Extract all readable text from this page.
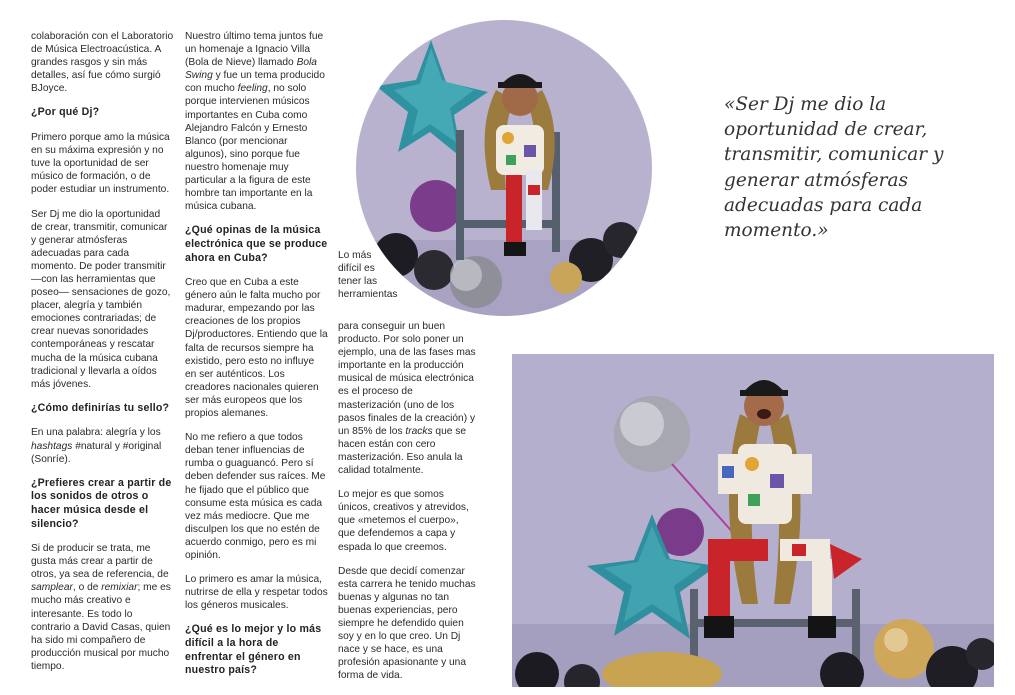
colaboración con el Laboratorio de Música Electroacústica. A grandes rasgos y sin más detalles, así fue cómo surgió BJoyce.

¿Por qué Dj?

Primero porque amo la música en su máxima expresión y no tuve la oportunidad de ser músico de formación, o de poder estudiar un instrumento.

Ser Dj me dio la oportunidad de crear, transmitir, comunicar y generar atmósferas adecuadas para cada momento. De poder transmitir —con las herramientas que poseo— sensaciones de gozo, placer, alegría y también emociones contrariadas; de crear nuevas sonoridades contemporáneas y rescatar mucha de la música cubana tradicional y llevarla a oídos más jóvenes.

¿Cómo definirías tu sello?

En una palabra: alegría y los hashtags #natural y #original (Sonríe).

¿Prefieres crear a partir de los sonidos de otros o hacer música desde el silencio?

Si de producir se trata, me gusta más crear a partir de otros, ya sea de referencia, de samplear, o de remixiar; me es mucho más creativo e interesante. Es todo lo contrario a David Casas, quien ha sido mi compañero de producción musical por mucho tiempo.

Nuestro último tema juntos fue un homenaje a Ignacio Villa (Bola de Nieve) llamado Bola Swing y fue un tema producido con mucho feeling, no solo porque intervienen músicos importantes en Cuba como Alejandro Falcón y Ernesto Blanco (por mencionar algunos), sino porque fue nuestro homenaje muy particular a la figura de este hombre tan importante en la música cubana.

¿Qué opinas de la música electrónica que se produce ahora en Cuba?

Creo que en Cuba a este género aún le falta mucho por madurar, empezando por las creaciones de los propios Dj/productores. Entiendo que la falta de recursos siempre ha existido, pero esto no influye en ser auténticos. Los creadores nacionales quieren ser más europeos que los propios alemanes.

No me refiero a que todos deban tener influencias de rumba o guaguancó. Pero sí deben defender sus raíces. Me he fijado que el público que consume esta música es cada vez más mediocre. Que me disculpen los que no estén de acuerdo conmigo, pero es mi opinión.

Lo primero es amar la música, nutrirse de ella y respetar todos los géneros musicales.

¿Qué es lo mejor y lo más difícil a la hora de enfrentar el género en nuestro país?

Lo más difícil es tener las herramientas

para conseguir un buen producto. Por solo poner un ejemplo, una de las fases mas importante en la producción musical de música electrónica es el proceso de masterización (uno de los pasos finales de la creación) y un 85% de los tracks que se hacen están con cero masterización. Eso anula la calidad totalmente.

Lo mejor es que somos únicos, creativos y atrevidos, que «metemos el cuerpo», que defendemos a capa y espada lo que creemos.

Desde que decidí comenzar esta carrera he tenido muchas buenas y algunas no tan buenas experiencias, pero siempre he defendido quien soy y en lo que creo. Un Dj nace y se hace, es una profesión apasionante y una forma de vida.

«Ser Dj me dio la oportunidad de crear, transmitir, comunicar y generar atmósferas adecuadas para cada momento.»
